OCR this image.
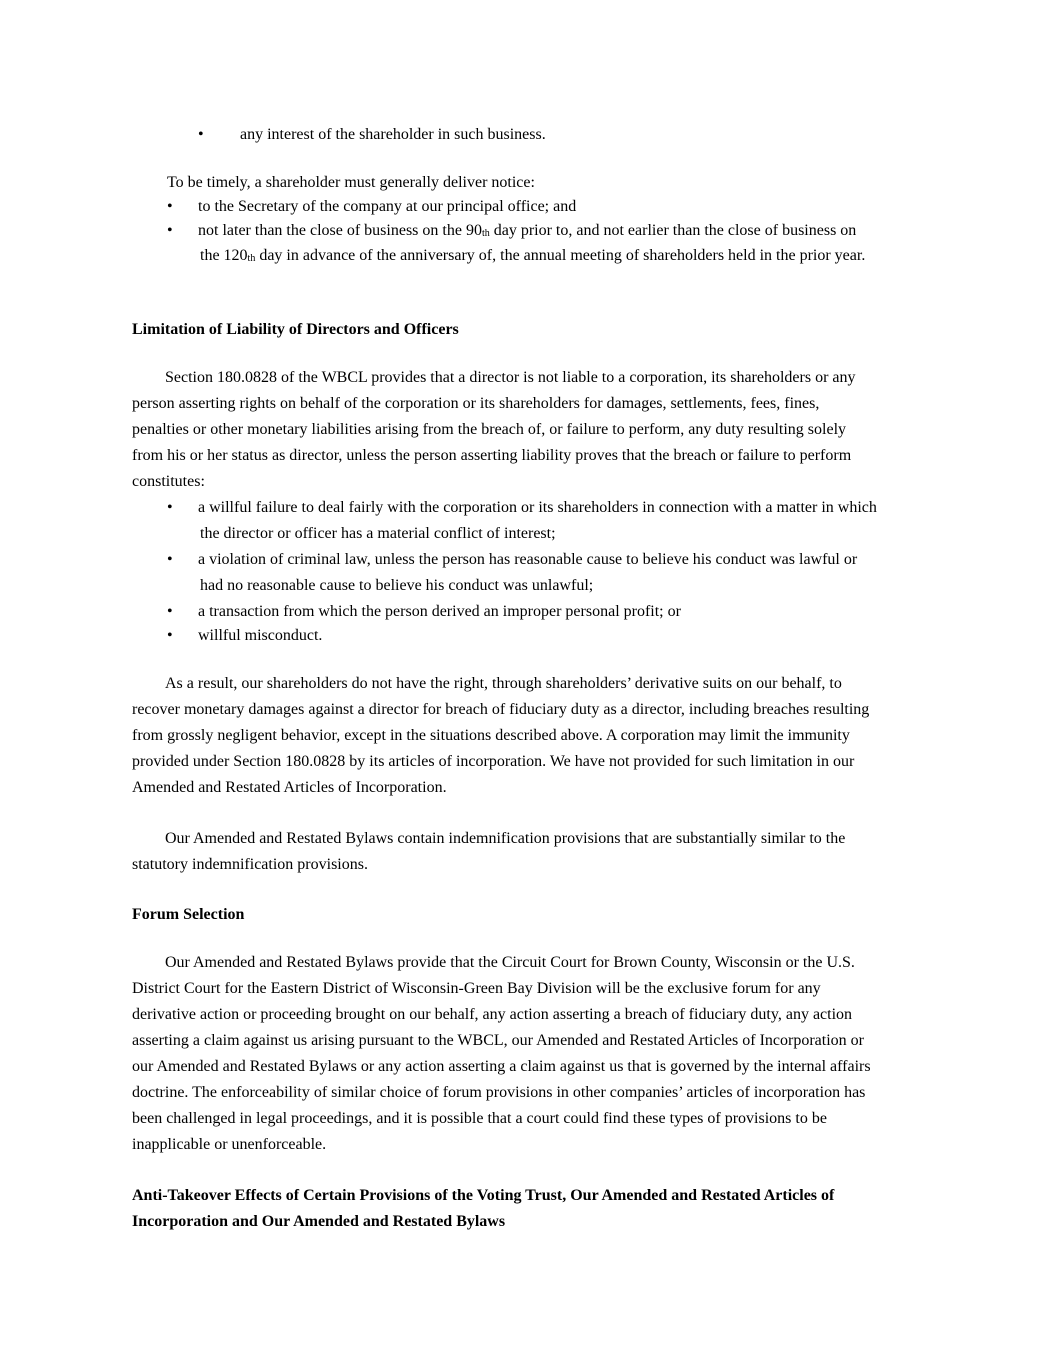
• any interest of the shareholder in such business.
To be timely, a shareholder must generally deliver notice:
• to the Secretary of the company at our principal office; and
• not later than the close of business on the $90_{th}$ day prior to, and not earlier than the close of business on
the $120_{th}$ day in advance of the anniversary of, the annual meeting of shareholders held in the prior year.
Limitation of Liability of Directors and Officers
Section 180.0828 of the WBCL provides that a director is not liable to a corporation, its shareholders or any
person asserting rights on behalf of the corporation or its shareholders for damages, settlements, fees, fines,
penalties or other monetary liabilities arising from the breach of, or failure to perform, any duty resulting solely
from his or her status as director, unless the person asserting liability proves that the breach or failure to perform
constitutes:
• a willful failure to deal fairly with the corporation or its shareholders in connection with a matter in which
the director or officer has a material conflict of interest;
• a violation of criminal law, unless the person has reasonable cause to believe his conduct was lawful or
had no reasonable cause to believe his conduct was unlawful;
• a transaction from which the person derived an improper personal profit; or
• willful misconduct.
As a result, our shareholders do not have the right, through shareholders’ derivative suits on our behalf, to
recover monetary damages against a director for breach of fiduciary duty as a director, including breaches resulting
from grossly negligent behavior, except in the situations described above. A corporation may limit the immunity
provided under Section 180.0828 by its articles of incorporation. We have not provided for such limitation in our
Amended and Restated Articles of Incorporation.
Our Amended and Restated Bylaws contain indemnification provisions that are substantially similar to the
statutory indemnification provisions.
Forum Selection
Our Amended and Restated Bylaws provide that the Circuit Court for Brown County, Wisconsin or the U.S.
District Court for the Eastern District of Wisconsin-Green Bay Division will be the exclusive forum for any
derivative action or proceeding brought on our behalf, any action asserting a breach of fiduciary duty, any action
asserting a claim against us arising pursuant to the WBCL, our Amended and Restated Articles of Incorporation or
our Amended and Restated Bylaws or any action asserting a claim against us that is governed by the internal affairs
doctrine. The enforceability of similar choice of forum provisions in other companies’ articles of incorporation has
been challenged in legal proceedings, and it is possible that a court could find these types of provisions to be
inapplicable or unenforceable.
Anti-Takeover Effects of Certain Provisions of the Voting Trust, Our Amended and Restated Articles of
Incorporation and Our Amended and Restated Bylaws
